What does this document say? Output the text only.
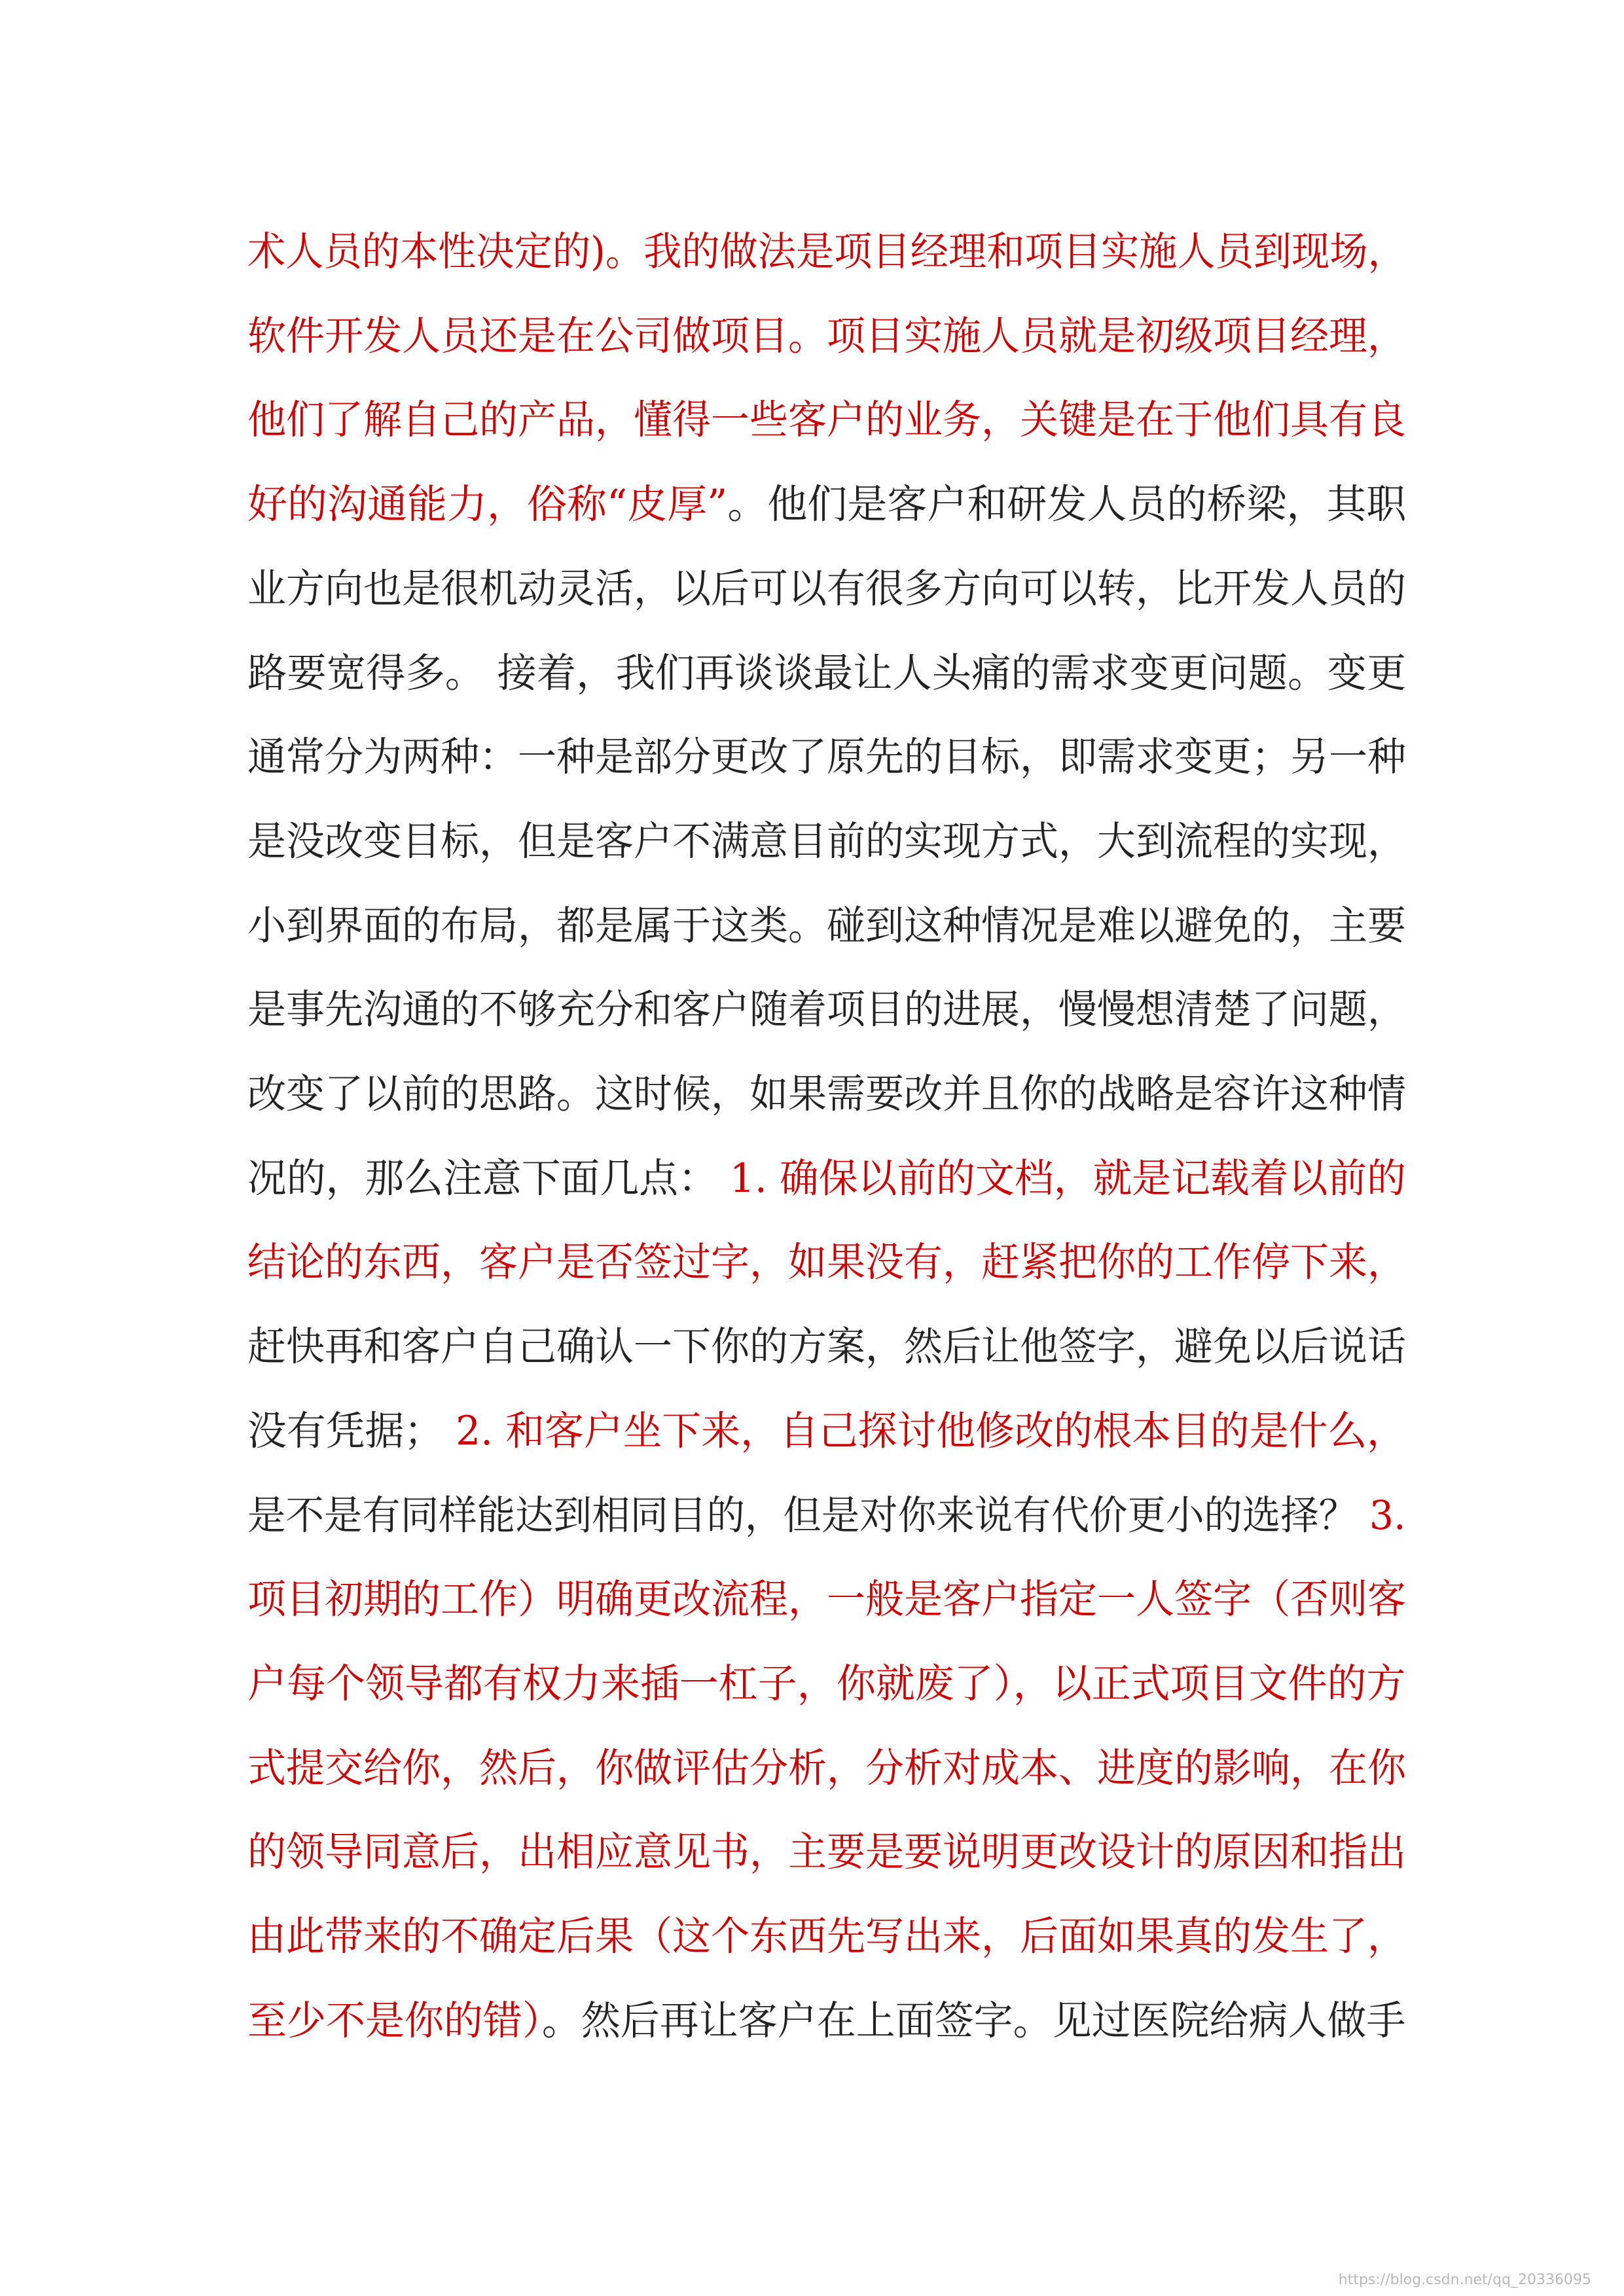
术人员的本性决定的)。我的做法是项目经理和项目实施人员到现场，
软件开发人员还是在公司做项目。项目实施人员就是初级项目经理，
他们了解自己的产品，懂得一些客户的业务，关键是在于他们具有良
好的沟通能力，俗称“皮厚”。他们是客户和研发人员的桥梁，其职
业方向也是很机动灵活，以后可以有很多方向可以转，比开发人员的
路要宽得多。 接着，我们再谈谈最让人头痛的需求变更问题。变更
通常分为两种：一种是部分更改了原先的目标，即需求变更；另一种
是没改变目标，但是客户不满意目前的实现方式，大到流程的实现，
小到界面的布局，都是属于这类。碰到这种情况是难以避免的，主要
是事先沟通的不够充分和客户随着项目的进展，慢慢想清楚了问题，
改变了以前的思路。这时候，如果需要改并且你的战略是容许这种情
况的，那么注意下面几点： 1. 确保以前的文档，就是记载着以前的
结论的东西，客户是否签过字，如果没有，赶紧把你的工作停下来，
赶快再和客户自己确认一下你的方案，然后让他签字，避免以后说话
没有凭据； 2. 和客户坐下来，自己探讨他修改的根本目的是什么，
是不是有同样能达到相同目的，但是对你来说有代价更小的选择？ 3.
项目初期的工作）明确更改流程，一般是客户指定一人签字（否则客
户每个领导都有权力来插一杠子，你就废了），以正式项目文件的方
式提交给你，然后，你做评估分析，分析对成本、进度的影响，在你
的领导同意后，出相应意见书，主要是要说明更改设计的原因和指出
由此带来的不确定后果（这个东西先写出来，后面如果真的发生了，
至少不是你的错）。然后再让客户在上面签字。见过医院给病人做手
https://blog.csdn.net/qq_20336095
